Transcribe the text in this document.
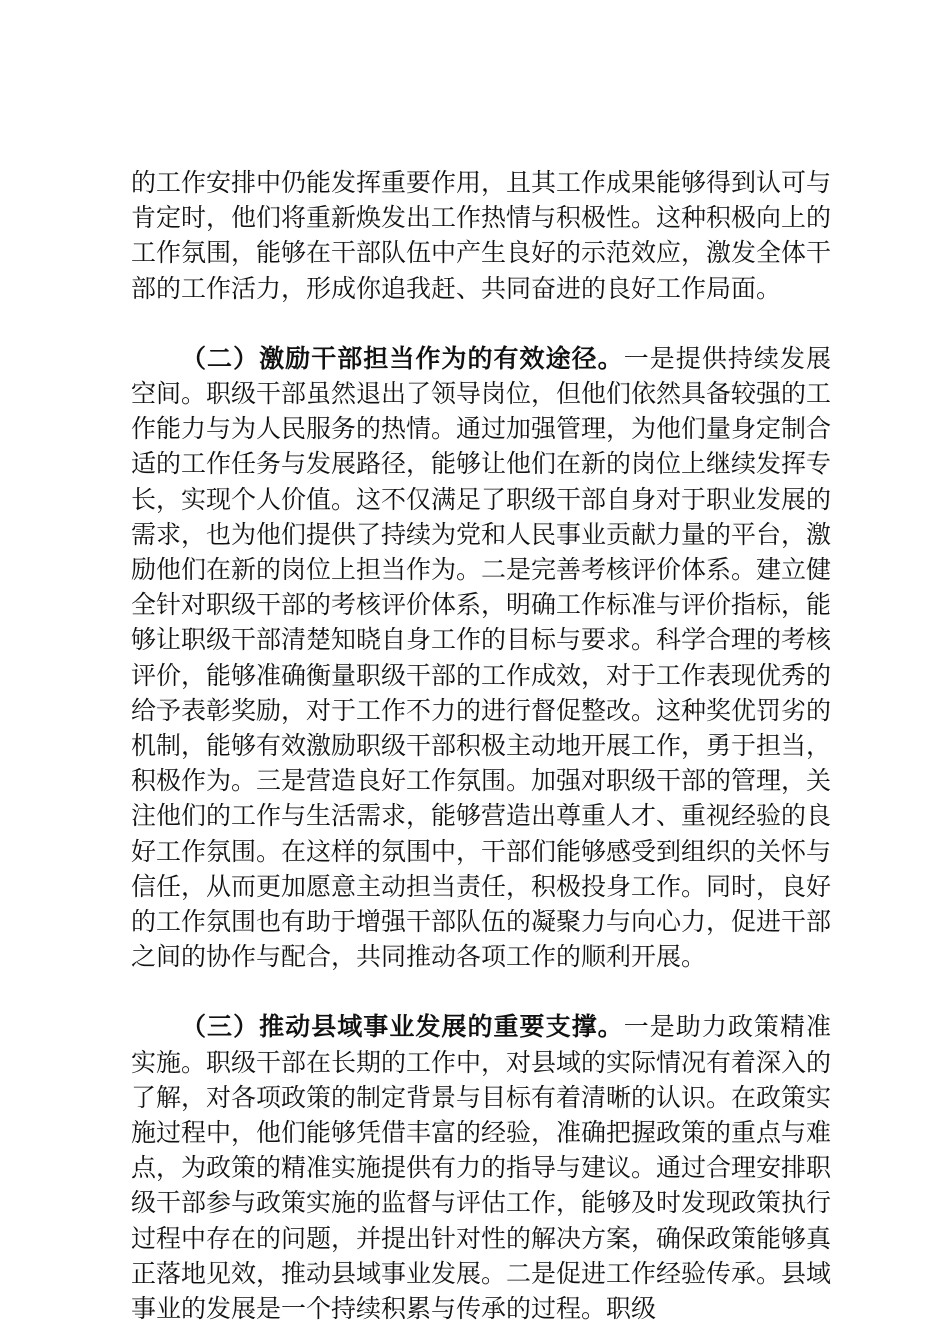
的工作安排中仍能发挥重要作用，且其工作成果能够得到认可与肯定时，他们将重新焕发出工作热情与积极性。这种积极向上的工作氛围，能够在干部队伍中产生良好的示范效应，激发全体干部的工作活力，形成你追我赶、共同奋进的良好工作局面。

（二）激励干部担当作为的有效途径。一是提供持续发展空间。职级干部虽然退出了领导岗位，但他们依然具备较强的工作能力与为人民服务的热情。通过加强管理，为他们量身定制合适的工作任务与发展路径，能够让他们在新的岗位上继续发挥专长，实现个人价值。这不仅满足了职级干部自身对于职业发展的需求，也为他们提供了持续为党和人民事业贡献力量的平台，激励他们在新的岗位上担当作为。二是完善考核评价体系。建立健全针对职级干部的考核评价体系，明确工作标准与评价指标，能够让职级干部清楚知晓自身工作的目标与要求。科学合理的考核评价，能够准确衡量职级干部的工作成效，对于工作表现优秀的给予表彰奖励，对于工作不力的进行督促整改。这种奖优罚劣的机制，能够有效激励职级干部积极主动地开展工作，勇于担当，积极作为。三是营造良好工作氛围。加强对职级干部的管理，关注他们的工作与生活需求，能够营造出尊重人才、重视经验的良好工作氛围。在这样的氛围中，干部们能够感受到组织的关怀与信任，从而更加愿意主动担当责任，积极投身工作。同时，良好的工作氛围也有助于增强干部队伍的凝聚力与向心力，促进干部之间的协作与配合，共同推动各项工作的顺利开展。

（三）推动县域事业发展的重要支撑。一是助力政策精准实施。职级干部在长期的工作中，对县域的实际情况有着深入的了解，对各项政策的制定背景与目标有着清晰的认识。在政策实施过程中，他们能够凭借丰富的经验，准确把握政策的重点与难点，为政策的精准实施提供有力的指导与建议。通过合理安排职级干部参与政策实施的监督与评估工作，能够及时发现政策执行过程中存在的问题，并提出针对性的解决方案，确保政策能够真正落地见效，推动县域事业发展。二是促进工作经验传承。县域事业的发展是一个持续积累与传承的过程。职级
